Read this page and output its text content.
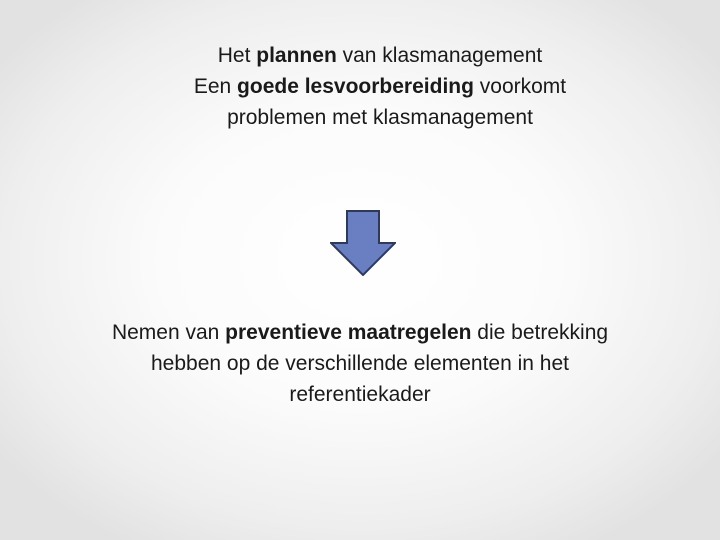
Het plannen van klasmanagement
Een goede lesvoorbereiding voorkomt
problemen met klasmanagement
Nemen van preventieve maatregelen die betrekking
hebben op de verschillende elementen in het
referentiekader
